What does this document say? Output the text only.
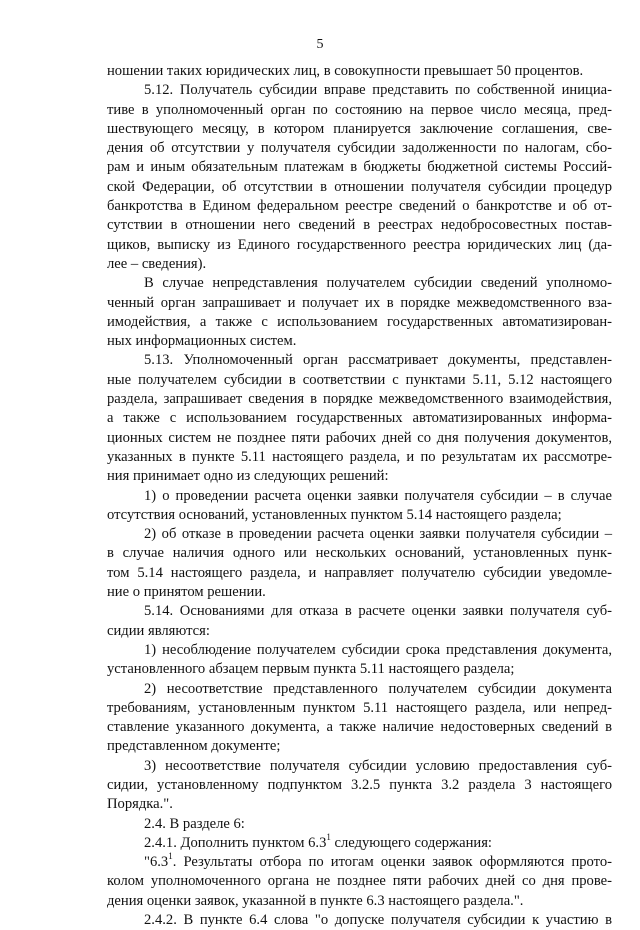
5
ношении таких юридических лиц, в совокупности превышает 50 процентов.
5.12. Получатель субсидии вправе представить по собственной инициа-
тиве в уполномоченный орган по состоянию на первое число месяца, пред-
шествующего месяцу, в котором планируется заключение соглашения, све-
дения об отсутствии у получателя субсидии задолженности по налогам, сбо-
рам и иным обязательным платежам в бюджеты бюджетной системы Россий-
ской Федерации, об отсутствии в отношении получателя субсидии процедур
банкротства в Едином федеральном реестре сведений о банкротстве и об от-
сутствии в отношении него сведений в реестрах недобросовестных постав-
щиков, выписку из Единого государственного реестра юридических лиц (да-
лее – сведения).
В случае непредставления получателем субсидии сведений уполномо-
ченный орган запрашивает и получает их в порядке межведомственного вза-
имодействия, а также с использованием государственных автоматизирован-
ных информационных систем.
5.13. Уполномоченный орган рассматривает документы, представлен-
ные получателем субсидии в соответствии с пунктами 5.11, 5.12 настоящего
раздела, запрашивает сведения в порядке межведомственного взаимодействия,
а также с использованием государственных автоматизированных информа-
ционных систем не позднее пяти рабочих дней со дня получения документов,
указанных в пункте 5.11 настоящего раздела, и по результатам их рассмотре-
ния принимает одно из следующих решений:
1) о проведении расчета оценки заявки получателя субсидии – в случае
отсутствия оснований, установленных пунктом 5.14 настоящего раздела;
2) об отказе в проведении расчета оценки заявки получателя субсидии –
в случае наличия одного или нескольких оснований, установленных пунк-
том 5.14 настоящего раздела, и направляет получателю субсидии уведомле-
ние о принятом решении.
5.14. Основаниями для отказа в расчете оценки заявки получателя суб-
сидии являются:
1) несоблюдение получателем субсидии срока представления документа,
установленного абзацем первым пункта 5.11 настоящего раздела;
2) несоответствие представленного получателем субсидии документа
требованиям, установленным пунктом 5.11 настоящего раздела, или непред-
ставление указанного документа, а также наличие недостоверных сведений в
представленном документе;
3) несоответствие получателя субсидии условию предоставления суб-
сидии, установленному подпунктом 3.2.5 пункта 3.2 раздела 3 настоящего
Порядка.".
2.4. В разделе 6:
2.4.1. Дополнить пунктом $6.3^1$ следующего содержания:
"$6.3^1$. Результаты отбора по итогам оценки заявок оформляются прото-
колом уполномоченного органа не позднее пяти рабочих дней со дня прове-
дения оценки заявок, указанной в пункте 6.3 настоящего раздела.".
2.4.2. В пункте 6.4 слова "о допуске получателя субсидии к участию в
